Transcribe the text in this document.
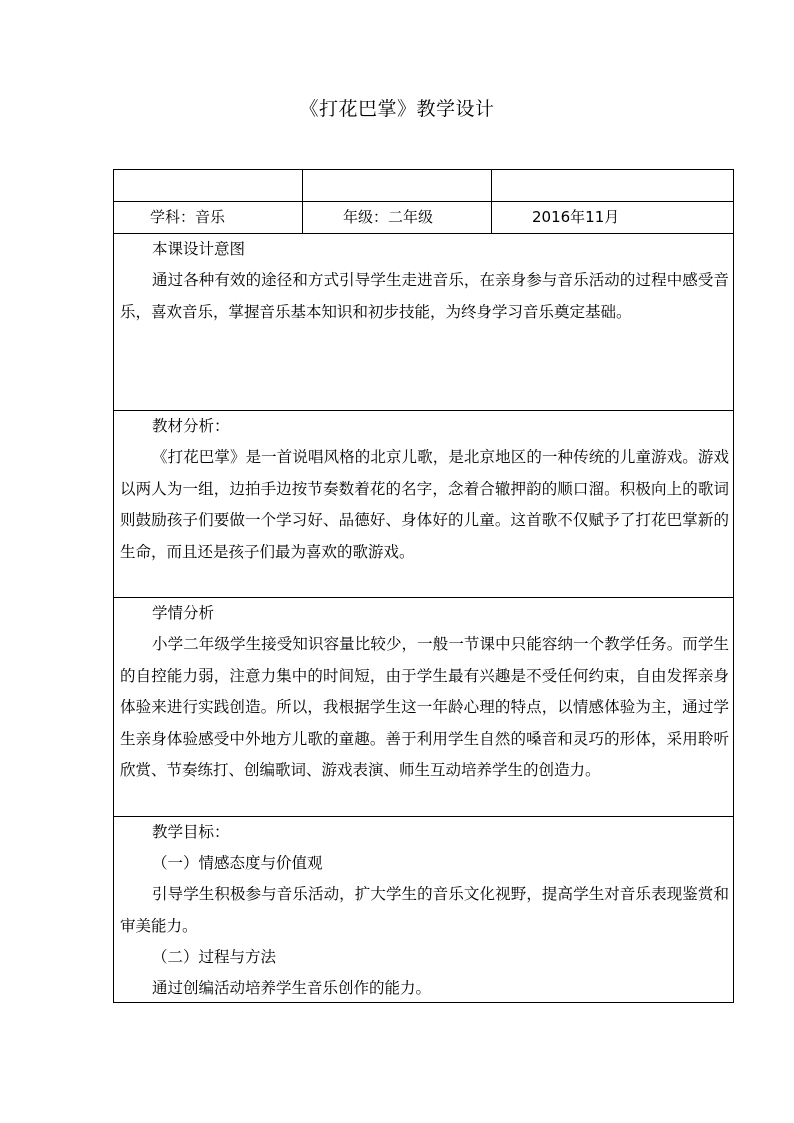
《打花巴掌》教学设计
学科：音乐	年级：二年级	2016年11月
本课设计意图

通过各种有效的途径和方式引导学生走进音乐，在亲身参与音乐活动的过程中感受音乐，喜欢音乐，掌握音乐基本知识和初步技能，为终身学习音乐奠定基础。

教材分析：

《打花巴掌》是一首说唱风格的北京儿歌，是北京地区的一种传统的儿童游戏。游戏以两人为一组，边拍手边按节奏数着花的名字，念着合辙押韵的顺口溜。积极向上的歌词则鼓励孩子们要做一个学习好、品德好、身体好的儿童。这首歌不仅赋予了打花巴掌新的生命，而且还是孩子们最为喜欢的歌游戏。

学情分析

小学二年级学生接受知识容量比较少，一般一节课中只能容纳一个教学任务。而学生的自控能力弱，注意力集中的时间短，由于学生最有兴趣是不受任何约束，自由发挥亲身体验来进行实践创造。所以，我根据学生这一年龄心理的特点，以情感体验为主，通过学生亲身体验感受中外地方儿歌的童趣。善于利用学生自然的嗓音和灵巧的形体，采用聆听欣赏、节奏练打、创编歌词、游戏表演、师生互动培养学生的创造力。

教学目标：
（一）情感态度与价值观

引导学生积极参与音乐活动，扩大学生的音乐文化视野，提高学生对音乐表现鉴赏和审美能力。

（二）过程与方法
通过创编活动培养学生音乐创作的能力。
